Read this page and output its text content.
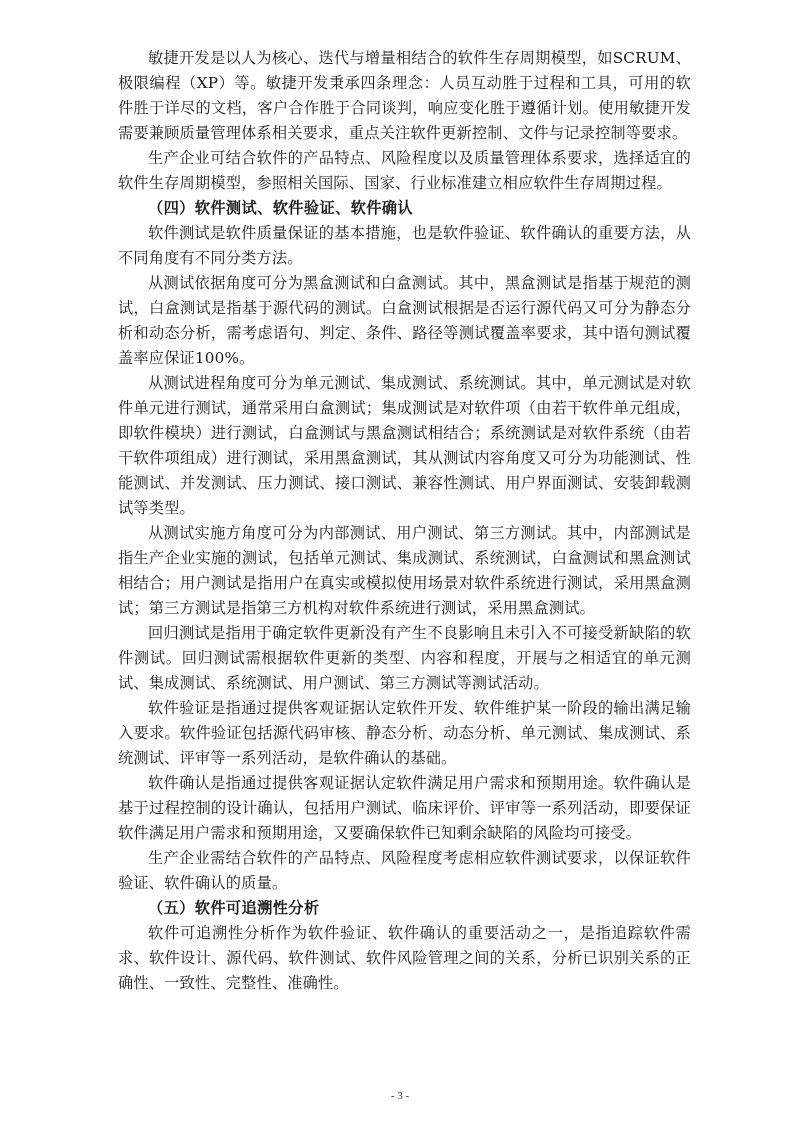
敏捷开发是以人为核心、迭代与增量相结合的软件生存周期模型，如SCRUM、极限编程（XP）等。敏捷开发秉承四条理念：人员互动胜于过程和工具，可用的软件胜于详尽的文档，客户合作胜于合同谈判，响应变化胜于遵循计划。使用敏捷开发需要兼顾质量管理体系相关要求，重点关注软件更新控制、文件与记录控制等要求。

生产企业可结合软件的产品特点、风险程度以及质量管理体系要求，选择适宜的软件生存周期模型，参照相关国际、国家、行业标准建立相应软件生存周期过程。

（四）软件测试、软件验证、软件确认

软件测试是软件质量保证的基本措施，也是软件验证、软件确认的重要方法，从不同角度有不同分类方法。

从测试依据角度可分为黑盒测试和白盒测试。其中，黑盒测试是指基于规范的测试，白盒测试是指基于源代码的测试。白盒测试根据是否运行源代码又可分为静态分析和动态分析，需考虑语句、判定、条件、路径等测试覆盖率要求，其中语句测试覆盖率应保证100%。

从测试进程角度可分为单元测试、集成测试、系统测试。其中，单元测试是对软件单元进行测试，通常采用白盒测试；集成测试是对软件项（由若干软件单元组成，即软件模块）进行测试，白盒测试与黑盒测试相结合；系统测试是对软件系统（由若干软件项组成）进行测试，采用黑盒测试，其从测试内容角度又可分为功能测试、性能测试、并发测试、压力测试、接口测试、兼容性测试、用户界面测试、安装卸载测试等类型。

从测试实施方角度可分为内部测试、用户测试、第三方测试。其中，内部测试是指生产企业实施的测试，包括单元测试、集成测试、系统测试，白盒测试和黑盒测试相结合；用户测试是指用户在真实或模拟使用场景对软件系统进行测试，采用黑盒测试；第三方测试是指第三方机构对软件系统进行测试，采用黑盒测试。

回归测试是指用于确定软件更新没有产生不良影响且未引入不可接受新缺陷的软件测试。回归测试需根据软件更新的类型、内容和程度，开展与之相适宜的单元测试、集成测试、系统测试、用户测试、第三方测试等测试活动。

软件验证是指通过提供客观证据认定软件开发、软件维护某一阶段的输出满足输入要求。软件验证包括源代码审核、静态分析、动态分析、单元测试、集成测试、系统测试、评审等一系列活动，是软件确认的基础。

软件确认是指通过提供客观证据认定软件满足用户需求和预期用途。软件确认是基于过程控制的设计确认，包括用户测试、临床评价、评审等一系列活动，即要保证软件满足用户需求和预期用途，又要确保软件已知剩余缺陷的风险均可接受。

生产企业需结合软件的产品特点、风险程度考虑相应软件测试要求，以保证软件验证、软件确认的质量。

（五）软件可追溯性分析

软件可追溯性分析作为软件验证、软件确认的重要活动之一，是指追踪软件需求、软件设计、源代码、软件测试、软件风险管理之间的关系，分析已识别关系的正确性、一致性、完整性、准确性。

- 3 -
